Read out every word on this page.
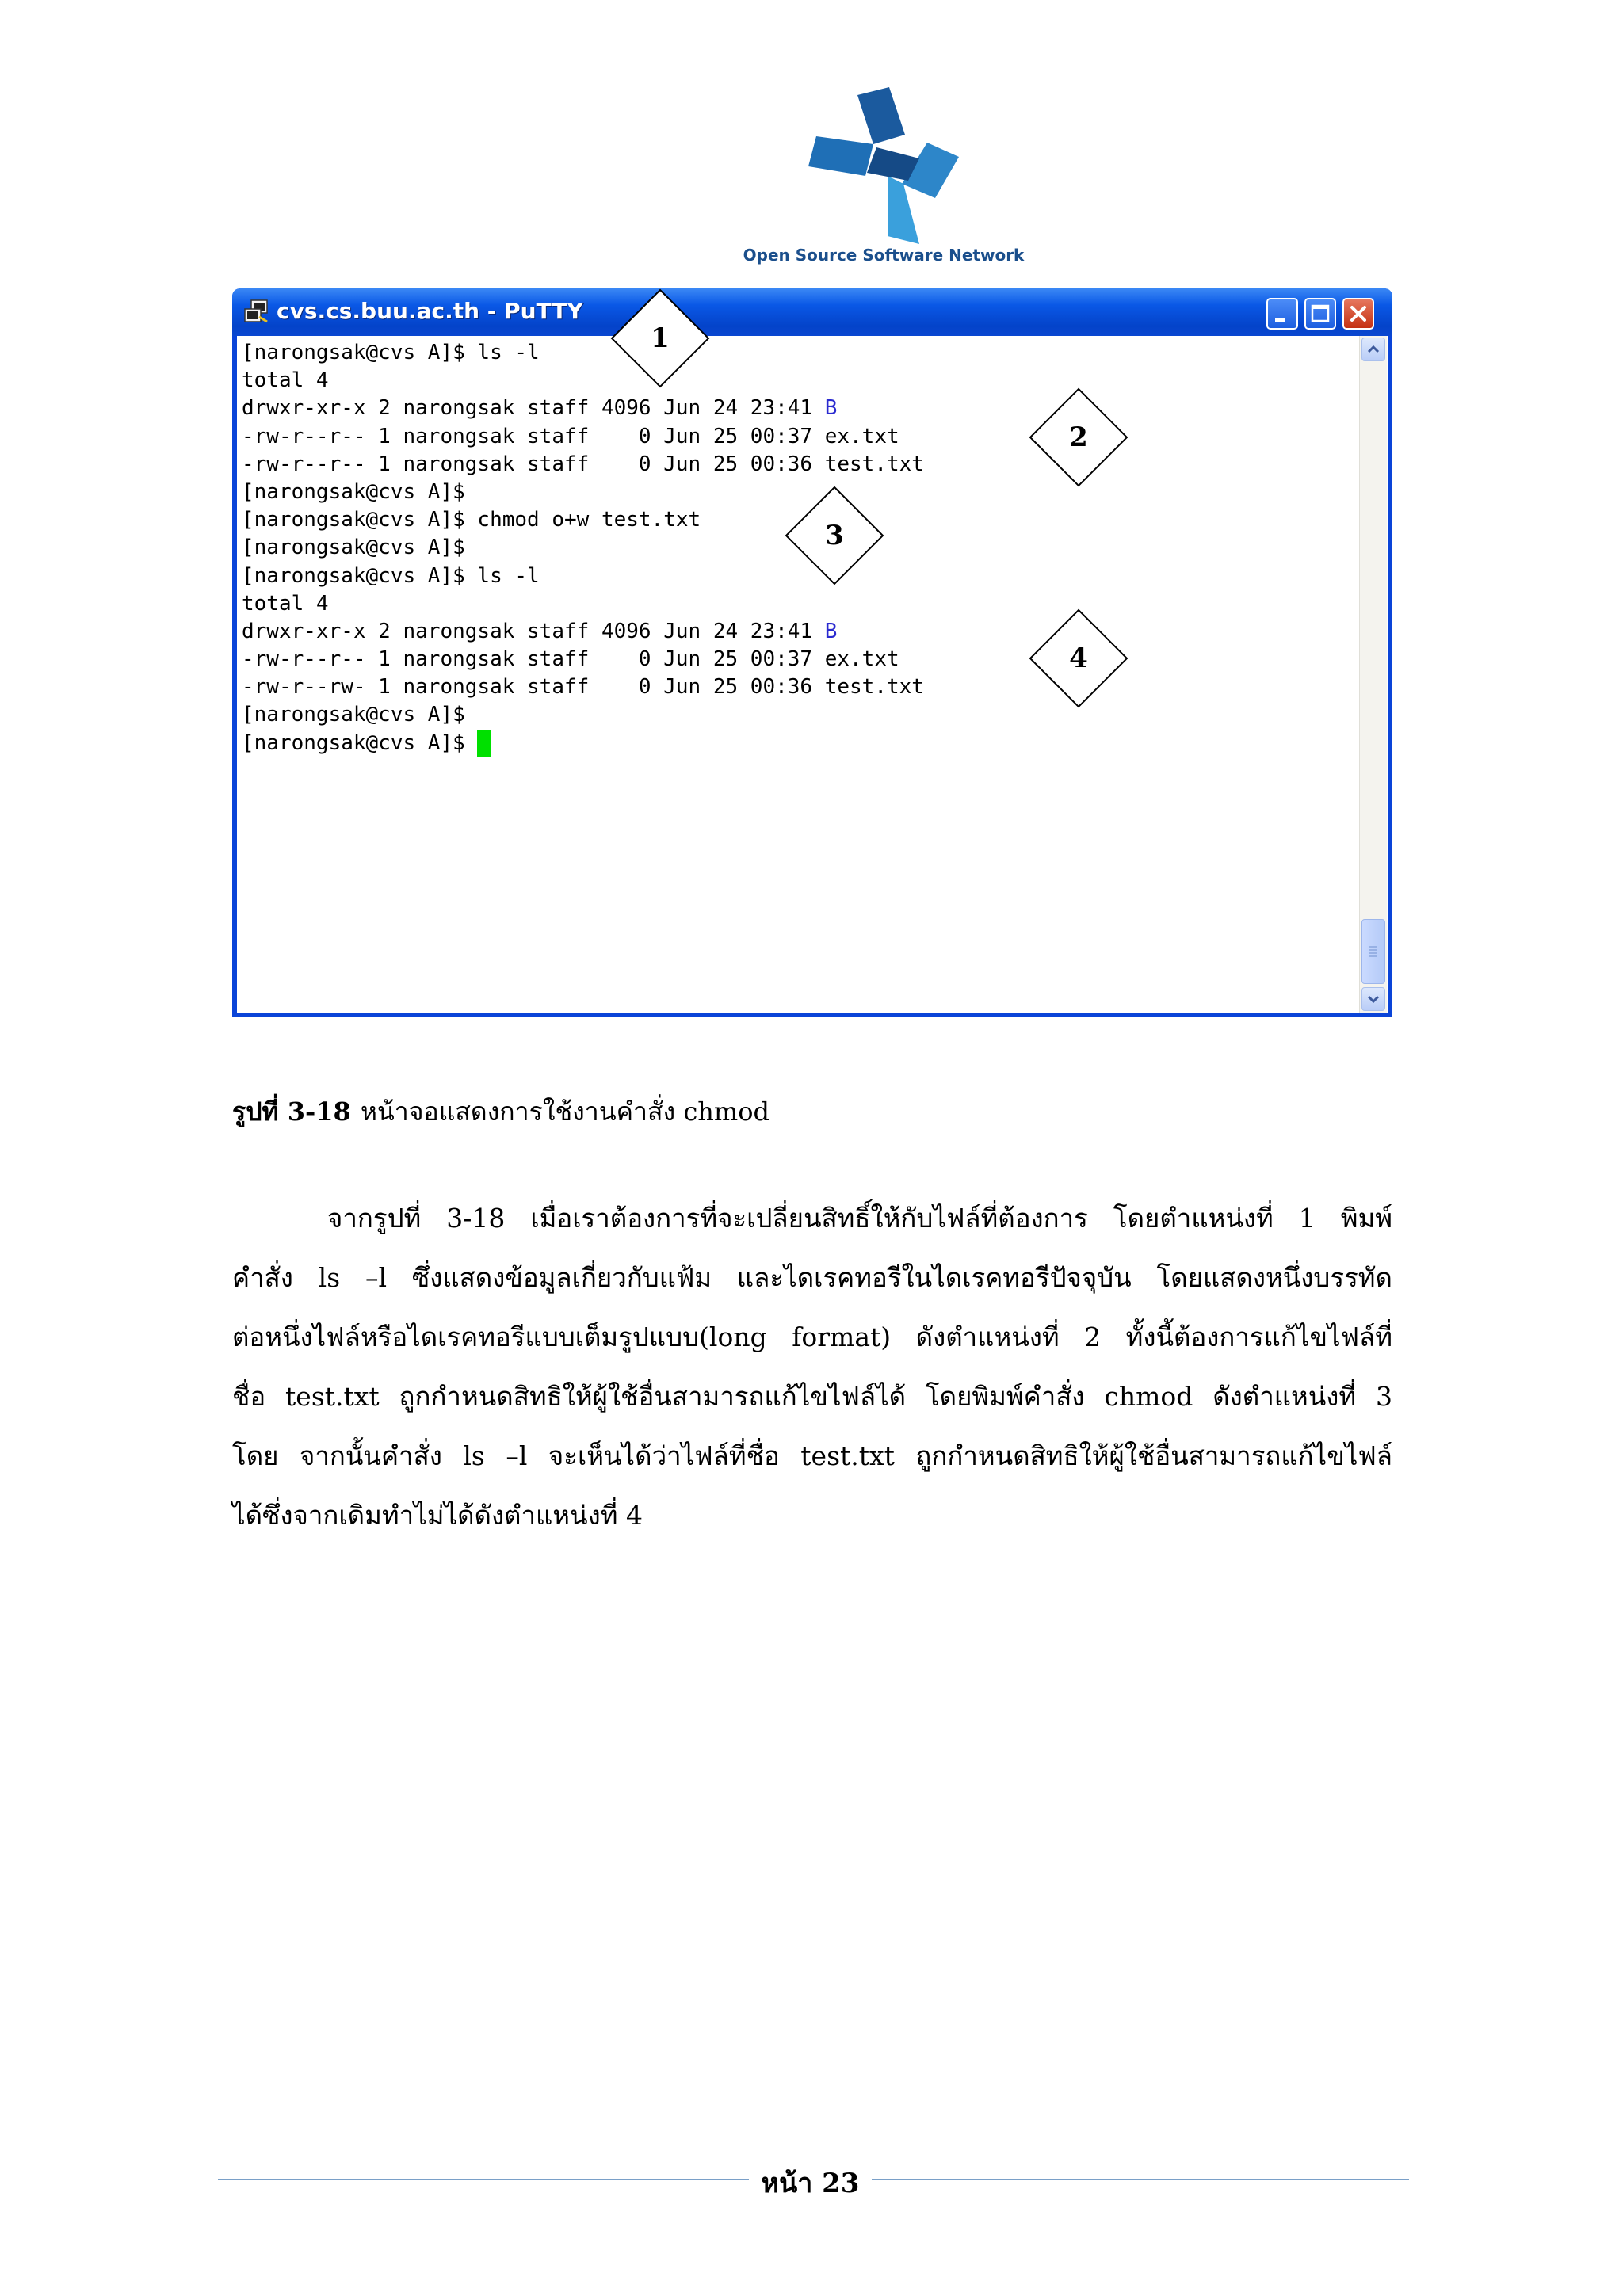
Open Source Software Network
cvs.cs.buu.ac.th - PuTTY
[narongsak@cvs A]$ ls -l
total 4
drwxr-xr-x 2 narongsak staff 4096 Jun 24 23:41 B
-rw-r--r-- 1 narongsak staff    0 Jun 25 00:37 ex.txt
-rw-r--r-- 1 narongsak staff    0 Jun 25 00:36 test.txt
[narongsak@cvs A]$
[narongsak@cvs A]$ chmod o+w test.txt
[narongsak@cvs A]$
[narongsak@cvs A]$ ls -l
total 4
drwxr-xr-x 2 narongsak staff 4096 Jun 24 23:41 B
-rw-r--r-- 1 narongsak staff    0 Jun 25 00:37 ex.txt
-rw-r--rw- 1 narongsak staff    0 Jun 25 00:36 test.txt
[narongsak@cvs A]$
[narongsak@cvs A]$
1
2
3
4
รูปที่ 3-18 หน้าจอแสดงการใช้งานคำสั่ง chmod
จากรูปที่ 3-18 เมื่อเราต้องการที่จะเปลี่ยนสิทธิ์ให้กับไฟล์ที่ต้องการ โดยตำแหน่งที่ 1 พิมพ์
คำสั่ง ls –l ซึ่งแสดงข้อมูลเกี่ยวกับแฟ้ม และไดเรคทอรีในไดเรคทอรีปัจจุบัน โดยแสดงหนึ่งบรรทัด
ต่อหนึ่งไฟล์หรือไดเรคทอรีแบบเต็มรูปแบบ(long format) ดังตำแหน่งที่ 2 ทั้งนี้ต้องการแก้ไขไฟล์ที่
ชื่อ test.txt ถูกกำหนดสิทธิให้ผู้ใช้อื่นสามารถแก้ไขไฟล์ได้ โดยพิมพ์คำสั่ง chmod ดังตำแหน่งที่ 3
โดย จากนั้นคำสั่ง ls –l จะเห็นได้ว่าไฟล์ที่ชื่อ test.txt ถูกกำหนดสิทธิให้ผู้ใช้อื่นสามารถแก้ไขไฟล์
ได้ซึ่งจากเดิมทำไม่ได้ดังตำแหน่งที่ 4
หน้า 23
